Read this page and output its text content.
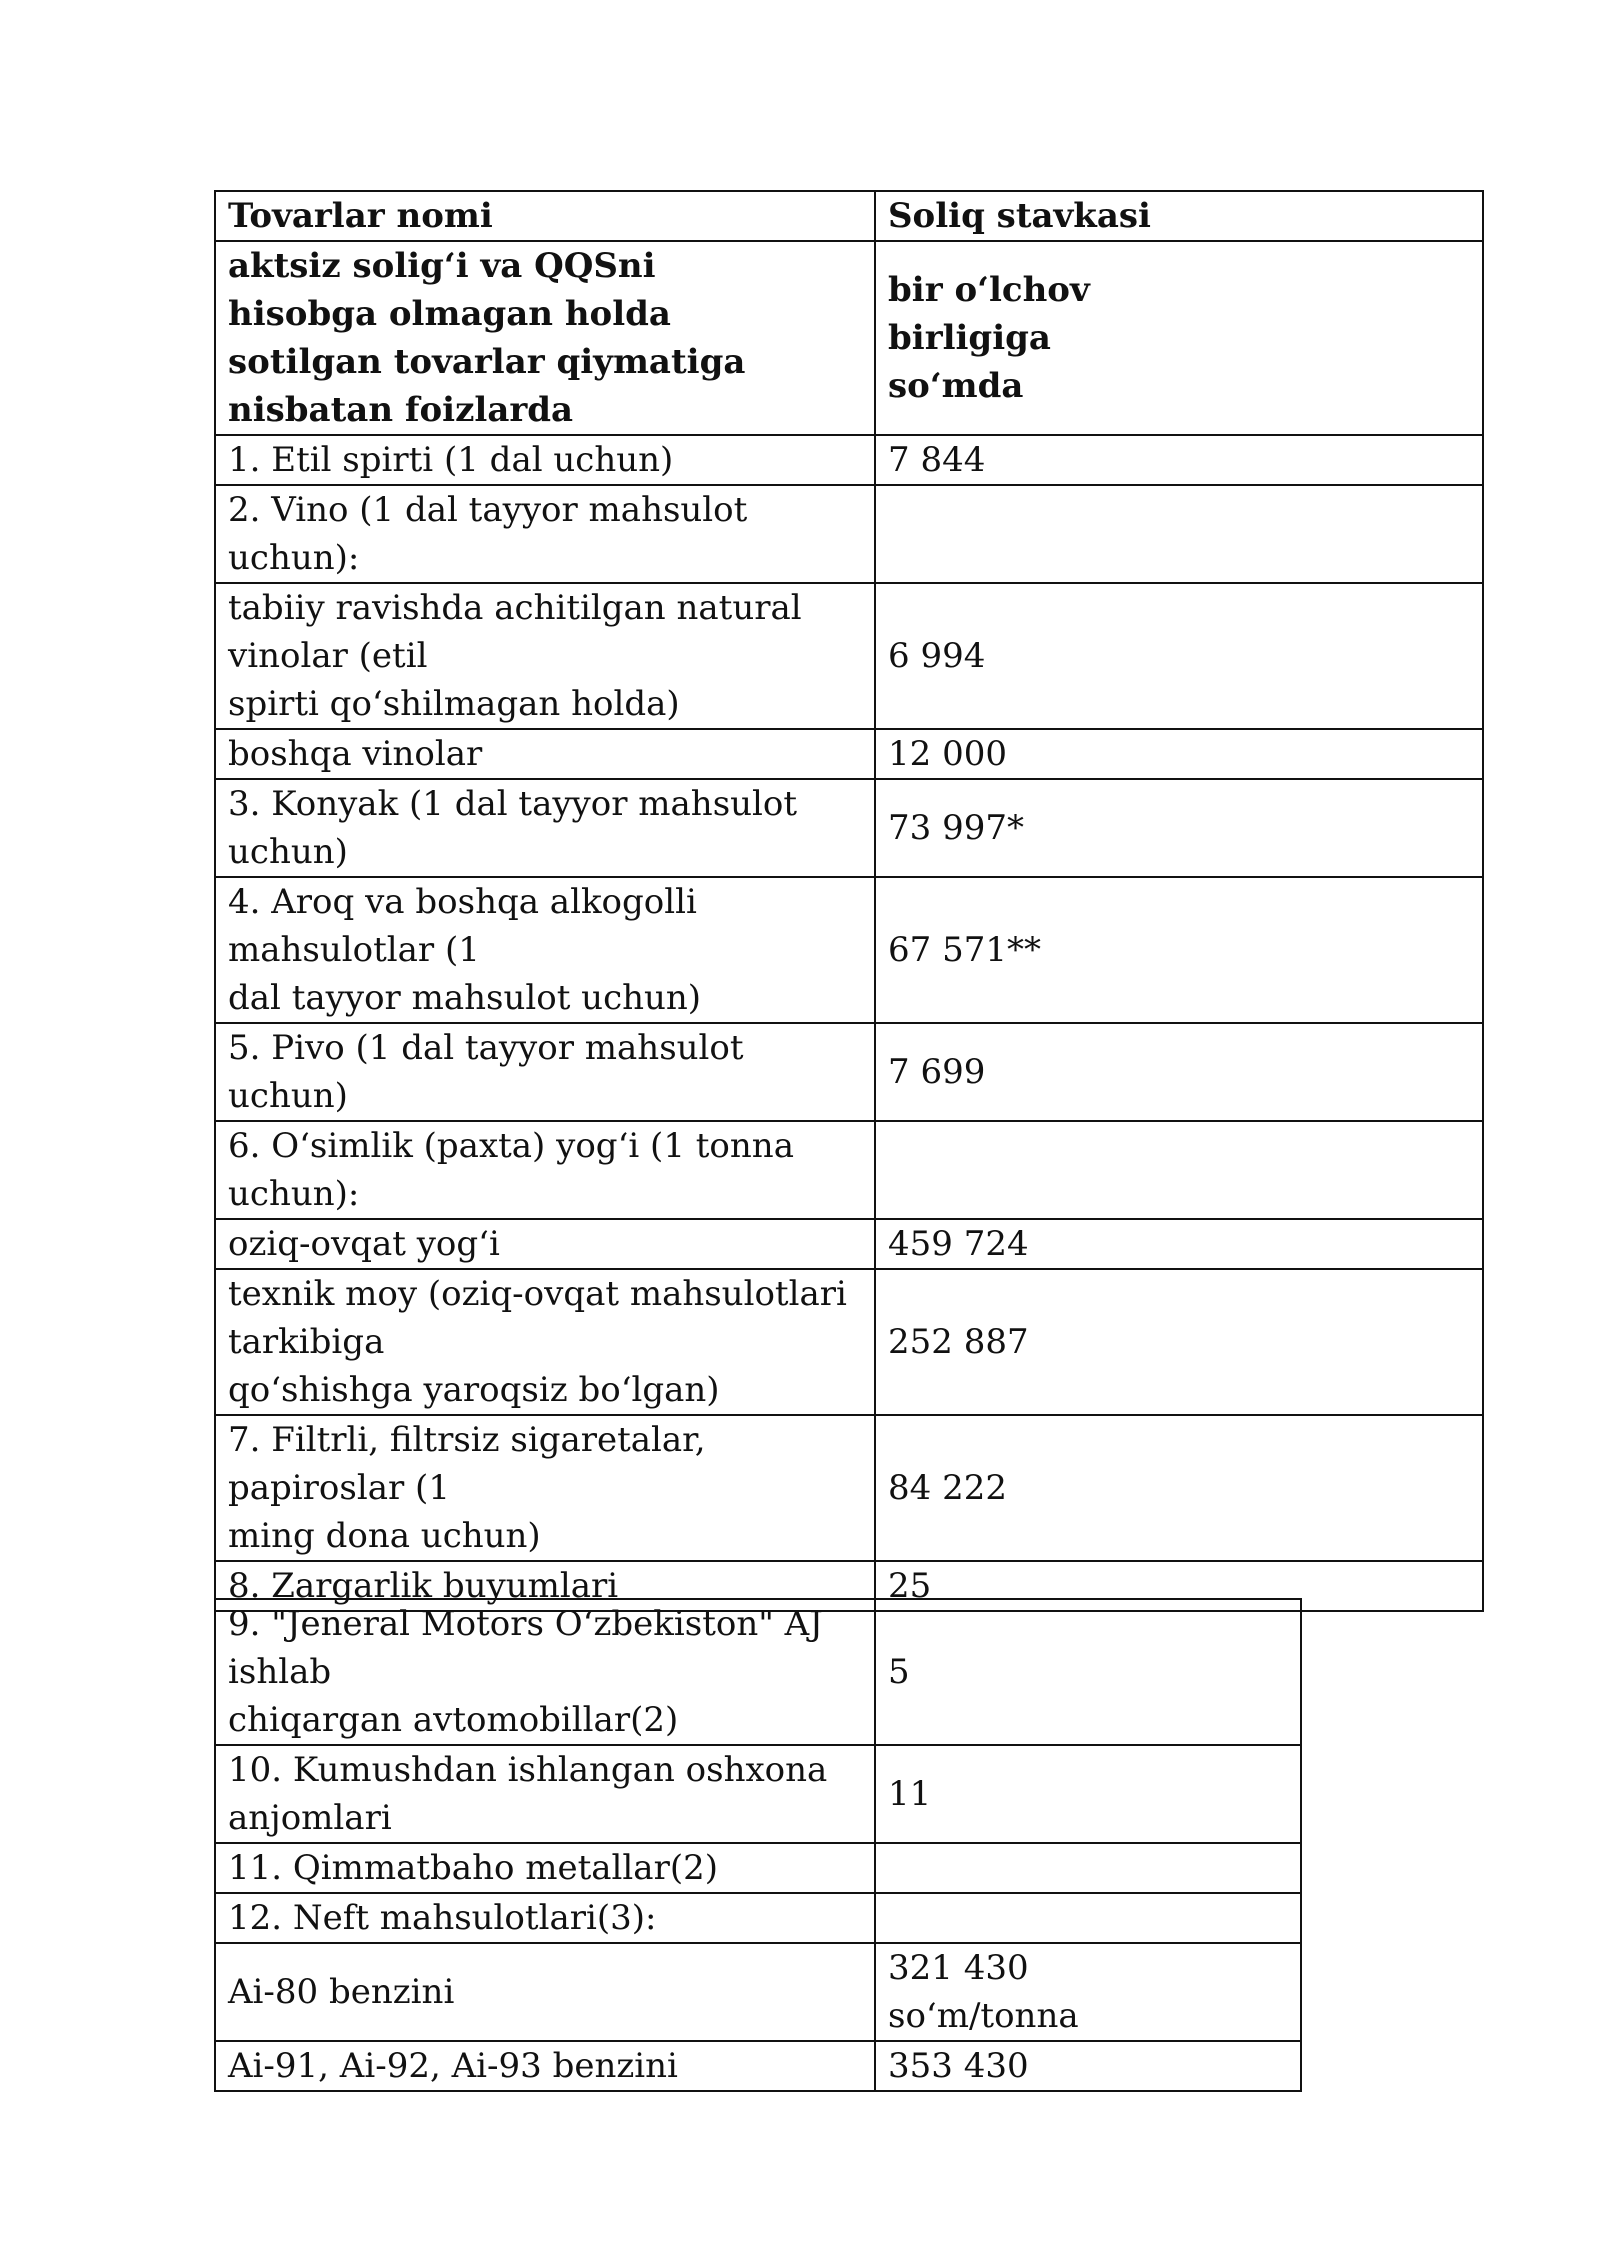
Tovarlar nomi	Soliq stavkasi
aktsiz solig‘i va QQSni
hisobga olmagan holda
sotilgan tovarlar qiymatiga
nisbatan foizlarda	bir o‘lchov
birligiga
so‘mda
1. Etil spirti (1 dal uchun)	7 844
2. Vino (1 dal tayyor mahsulot
uchun):	
tabiiy ravishda achitilgan natural
vinolar (etil
spirti qo‘shilmagan holda)	6 994
boshqa vinolar	12 000
3. Konyak (1 dal tayyor mahsulot
uchun)	73 997*
4. Aroq va boshqa alkogolli
mahsulotlar (1
dal tayyor mahsulot uchun)	67 571**
5. Pivo (1 dal tayyor mahsulot uchun)	7 699
6. O‘simlik (paxta) yog‘i (1 tonna
uchun):	
oziq-ovqat yog‘i	459 724
texnik moy (oziq-ovqat mahsulotlari
tarkibiga
qo‘shishga yaroqsiz bo‘lgan)	252 887
7. Filtrli, filtrsiz sigaretalar,
papiroslar (1
ming dona uchun)	84 222
8. Zargarlik buyumlari	25
9. "Jeneral Motors O‘zbekiston" AJ
ishlab
chiqargan avtomobillar(2)	5
10. Kumushdan ishlangan oshxona
anjomlari	11
11. Qimmatbaho metallar(2)	
12. Neft mahsulotlari(3):	
Ai-80 benzini	321 430
so‘m/tonna
Ai-91, Ai-92, Ai-93 benzini	353 430
